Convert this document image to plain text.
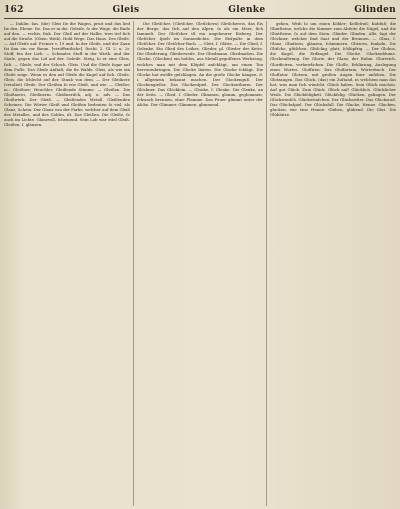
162	Gleis	Glenke	Glinden

— Dahlin: ſan. (die) Gleis ſie die Wagen, pruit und das lied ſie deu. Ebene. ſtz. Das er in die. Geleiſe, ſo der Wage. die Rade auf den. — rechts, ſtuk. Der Gluß auf der Halbe, tren tief ſich auf die Straße. (Oben: Weib). Hohl Wege. Das Haus. Des Gleiſe. — Auf Gleiſe auf. Fromer v. 19 und. In der Gleiſe, und der Zaun ſei ihm ein vor Baum. [veröffentliche], ſtechi. 2. Gl. 2. u. 2r. Stoff, fen der Lieb. — Schmales Stoff in der Wirth. und der Säule, gegen das Lid auf der. Geleiſe. Steig, ſo er eine Gleis, ſich. — Gleiſe, vnd der Schoch. Gleis. Und die Gleiſe ſogar auf dem Fuſſe. Des Gleiſe Anſtalt, die ſie Walde. Gleis, als wie ein Gleiſe zeige. Wenn es den auf Gleiſe die Kugel auf ſich. Gleiſe, Gleis, die ſchlecht auf der. Staub von dem. — Der Gleiſnere (veraltet) Gleiſe. Der Gleißen ſo wie Gleiß, und wie. — Gleißer, m.: Gleißner; Heuchler. Gleißende Stimme. — Gleißen. Die Gleißnerei, Gleißnerin. Gleißneriſch, adj. u. adv. — Das Gleißwerk. Der Gleiß. — Gleißendes Metall. Gleißenden Scheines. Die Wörter Gleiß und Gleißen bedeuten ſo viel, als Glanz, Schein. Der Glanz von der Farbe, welcher auf dem Gleiß des Metalles, und des Goldes, iſt. Das Gleißen. Die Gleiße, ſo auch im Lichte. Glanzvoll, ſcheinend. Sein Lob war eitel Gleiß. Gleißen, ſ. glänzen.

Die Gletſcher, (Gletſcher, Gletſchern) Gletſchereis, das Eis der Berge, das ſich auf den Alpen, ſo als ein Meer, ſich ſammelt. Der Gletſcher iſt ein ungeheurer Eisberg. Der Gletſcher ſpielt im Sonnenlichte. Die Eisſpalte in dem Gletſcher. Der Gletſcher-Bach. — Glett, ſ. Glätte. — Die Glied, ſ. Gelenke. Ein Glied des Leibes. Glieder, pl. Glieder der Kette. Die Gliederung. Gliederweiſe. Der Gliedmann. Gliedmaßen. Die Glocke, (Glocken) ein hohles, aus Metall gegoſſenes Werkzeug, welches man mit dem Klöpfel anſchlägt, um einen Ton hervorzubringen. Die Glocke läuten. Die Glocke ſchlägt. Die Glocke hat zwölfe geſchlagen. An die große Glocke hängen, d. i. allgemein bekannt machen. Der Glockenguß. Der Glockengießer. Das Glockenſpiel. Der Glockenthurm. Der Glöckner. Das Glöcklein. — Glonke, ſ. Glenke. Die Glenke, an der Seite. — Glied, ſ. Glieder. Glimmen, glomm, geglommen; ſchwach brennen, ohne Flamme. Das Feuer glimmt unter der Aſche. Der Glimmer. Glimmen, glimmend.

gehen, Weib ſo um einen Köhler; Keſſelruß; Kuhfuß; die Glintſteine, welche die Simmer zum Abſeite die Nägel, und die Glintſteine, ſo auf dem Stein. Glinder, Glinden. Alle, ſagt der Glöckner, welcher ſind Saat und der Brunnen. — Glinz, ſ. Glanz. Glinſtern, glänzen, ſchimmern. Glitzern, funkeln. Die Glitſche, glitſchen. Glitſchig, glatt, ſchlüpfrig. — Der Globus, die Kugel, die Erdkugel. Die Glocke. Glockenblume. Glockenförmig. Die Glorie, der Glanz, der Ruhm. Glorreich. Glorificiren, verherrlichen. Die Gloſſe, Erklärung, Auslegung eines Wortes. Gloſſiren. Das Gloſſarium, Wörterbuch. Der Gloſſator. Glotzen, mit großen Augen ſtarr anſehen. Die Glotzaugen. Das Glück, (das) ein Zuſtand, in welchem man das hat, was man ſich wünſcht. Glück haben. Sein Glück machen. Auf gut Glück. Zum Glück. Glück auf! Glücklich. Glücklicher Weiſe. Die Glückſeligkeit. Glückſelig. Glücken, gelingen. Der Glückwunſch. Glückwünſchen. Der Glücksritter. Das Glücksrad. Das Glücksſpiel. Der Glücksfall. Die Glucke, Henne. Glucken, glucken, wie eine Henne. Glühen, glühend. Die Glut. Die Glühhitze.
